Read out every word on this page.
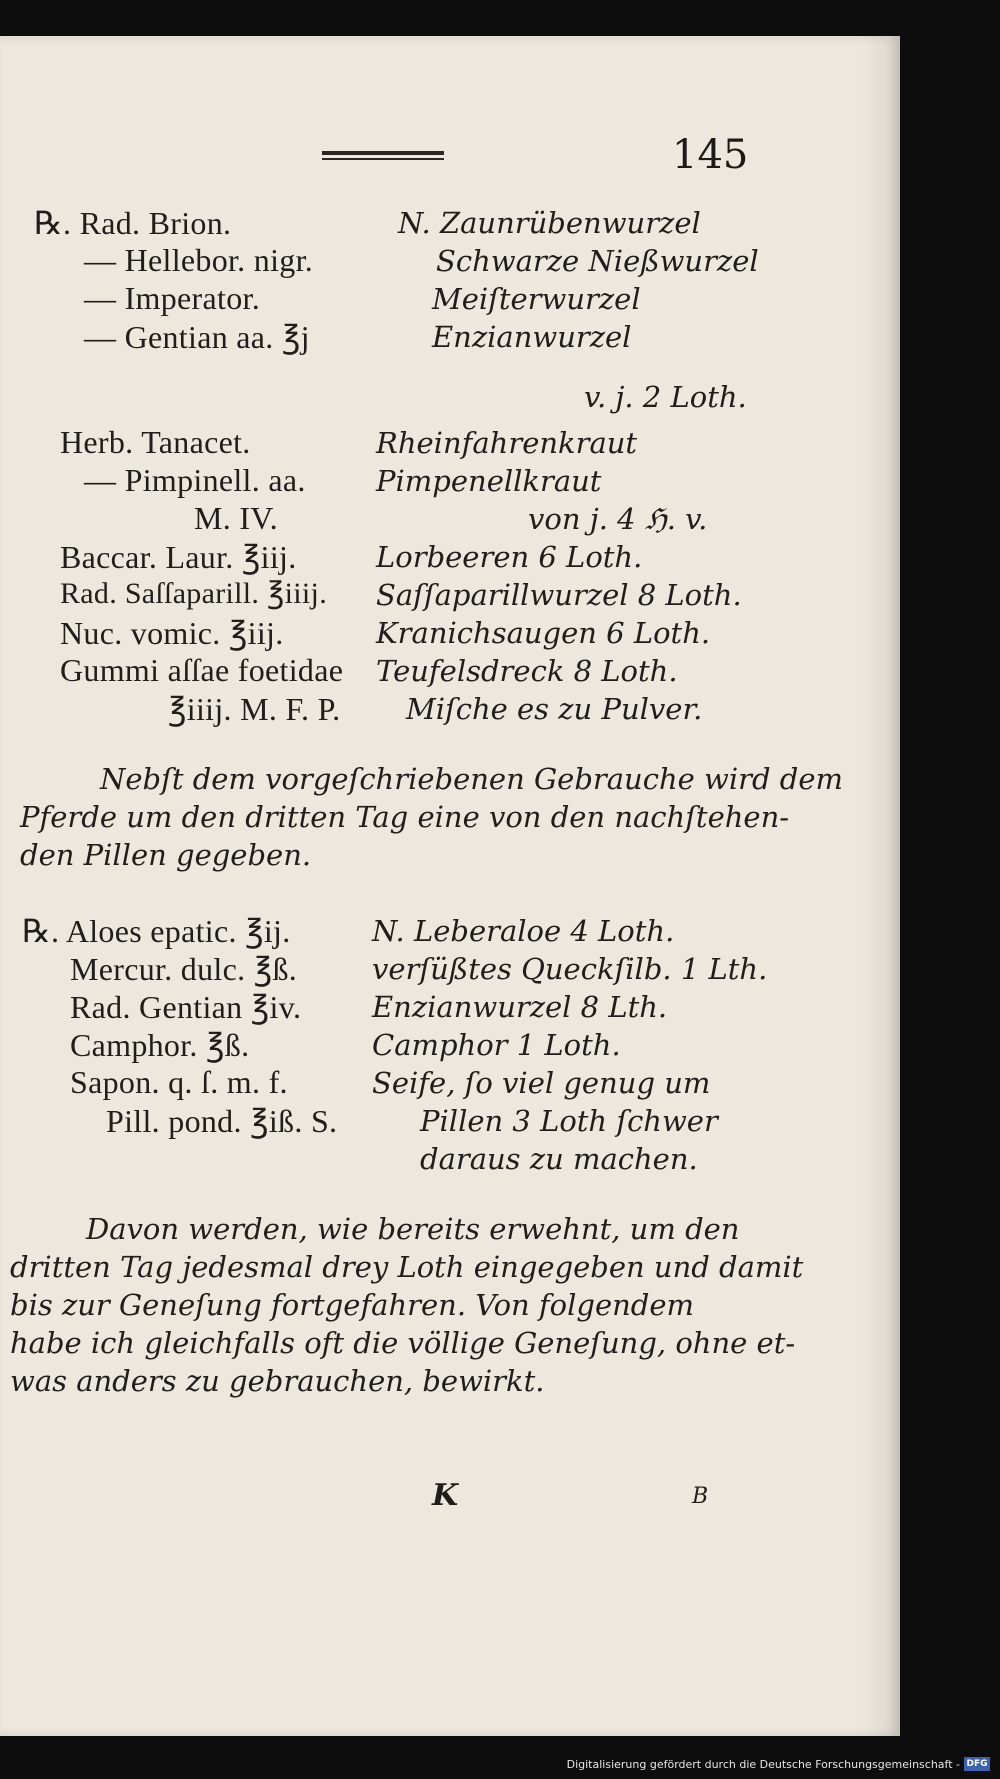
145
℞. Rad. Brion.
— Hellebor. nigr.
— Imperator.
— Gentian aa. ℥j
Herb. Tanacet.
— Pimpinell. aa.
M. IV.
Baccar. Laur. ℥iij.
Rad. Saſſaparill. ℥iiij.
Nuc. vomic. ℥iij.
Gummi aſſae foetidae
℥iiij. M. F. P.
N. Zaunrübenwurzel
Schwarze Nießwurzel
Meiſterwurzel
Enzianwurzel
v. j. 2 Loth.
Rheinfahrenkraut
Pimpenellkraut
von j. 4 ℌ. v.
Lorbeeren 6 Loth.
Saſſaparillwurzel 8 Loth.
Kranichsaugen 6 Loth.
Teufelsdreck 8 Loth.
Miſche es zu Pulver.
Nebſt dem vorgeſchriebenen Gebrauche wird dem
Pferde um den dritten Tag eine von den nachſtehen-
den Pillen gegeben.
℞. Aloes epatic. ℥ij.
Mercur. dulc. ℥ß.
Rad. Gentian ℥iv.
Camphor. ℥ß.
Sapon. q. ſ. m. f.
Pill. pond. ℥iß. S.
N. Leberaloe 4 Loth.
verſüßtes Queckſilb. 1 Lth.
Enzianwurzel 8 Lth.
Camphor 1 Loth.
Seife, ſo viel genug um
Pillen 3 Loth ſchwer
daraus zu machen.
Davon werden, wie bereits erwehnt, um den
dritten Tag jedesmal drey Loth eingegeben und damit
bis zur Geneſung fortgefahren. Von folgendem
habe ich gleichfalls oft die völlige Geneſung, ohne et-
was anders zu gebrauchen, bewirkt.
K	B
Digitalisierung gefördert durch die Deutsche Forschungsgemeinschaft - DFG
